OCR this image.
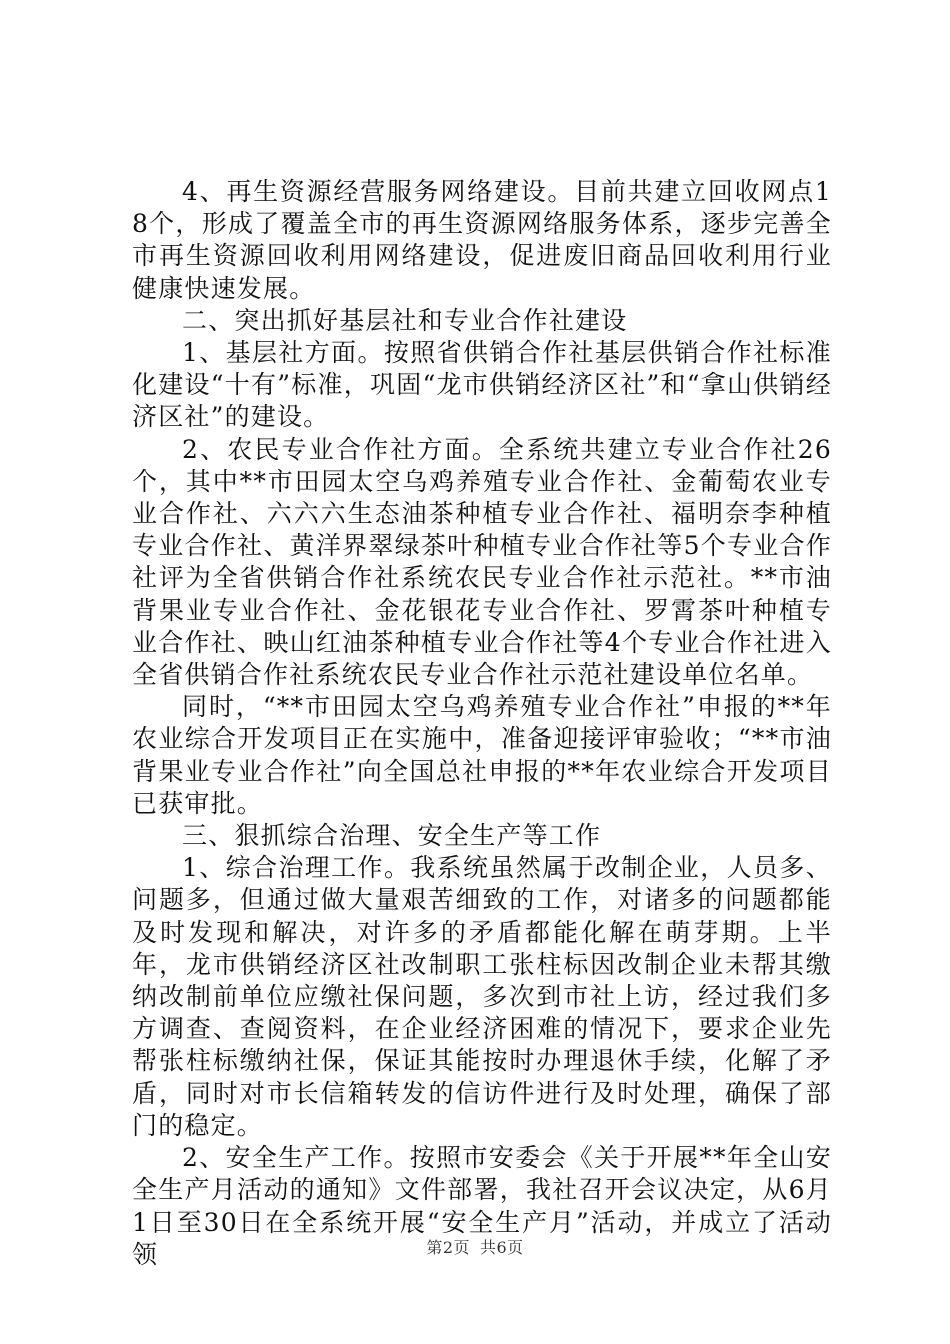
4、再生资源经营服务网络建设。目前共建立回收网点18个，形成了覆盖全市的再生资源网络服务体系，逐步完善全市再生资源回收利用网络建设，促进废旧商品回收利用行业健康快速发展。

二、突出抓好基层社和专业合作社建设

1、基层社方面。按照省供销合作社基层供销合作社标准化建设“十有”标准，巩固“龙市供销经济区社”和“拿山供销经济区社”的建设。

2、农民专业合作社方面。全系统共建立专业合作社26个，其中**市田园太空乌鸡养殖专业合作社、金葡萄农业专业合作社、六六六生态油茶种植专业合作社、福明奈李种植专业合作社、黄洋界翠绿茶叶种植专业合作社等5个专业合作社评为全省供销合作社系统农民专业合作社示范社。**市油背果业专业合作社、金花银花专业合作社、罗霄茶叶种植专业合作社、映山红油茶种植专业合作社等4个专业合作社进入全省供销合作社系统农民专业合作社示范社建设单位名单。

同时，“**市田园太空乌鸡养殖专业合作社”申报的**年农业综合开发项目正在实施中，准备迎接评审验收；“**市油背果业专业合作社”向全国总社申报的**年农业综合开发项目已获审批。

三、狠抓综合治理、安全生产等工作

1、综合治理工作。我系统虽然属于改制企业，人员多、问题多，但通过做大量艰苦细致的工作，对诸多的问题都能及时发现和解决，对许多的矛盾都能化解在萌芽期。上半年，龙市供销经济区社改制职工张柱标因改制企业未帮其缴纳改制前单位应缴社保问题，多次到市社上访，经过我们多方调查、查阅资料，在企业经济困难的情况下，要求企业先帮张柱标缴纳社保，保证其能按时办理退休手续，化解了矛盾，同时对市长信箱转发的信访件进行及时处理，确保了部门的稳定。

2、安全生产工作。按照市安委会《关于开展**年全山安全生产月活动的通知》文件部署，我社召开会议决定，从6月1日至30日在全系统开展“安全生产月”活动，并成立了活动领	第2页 共6页
